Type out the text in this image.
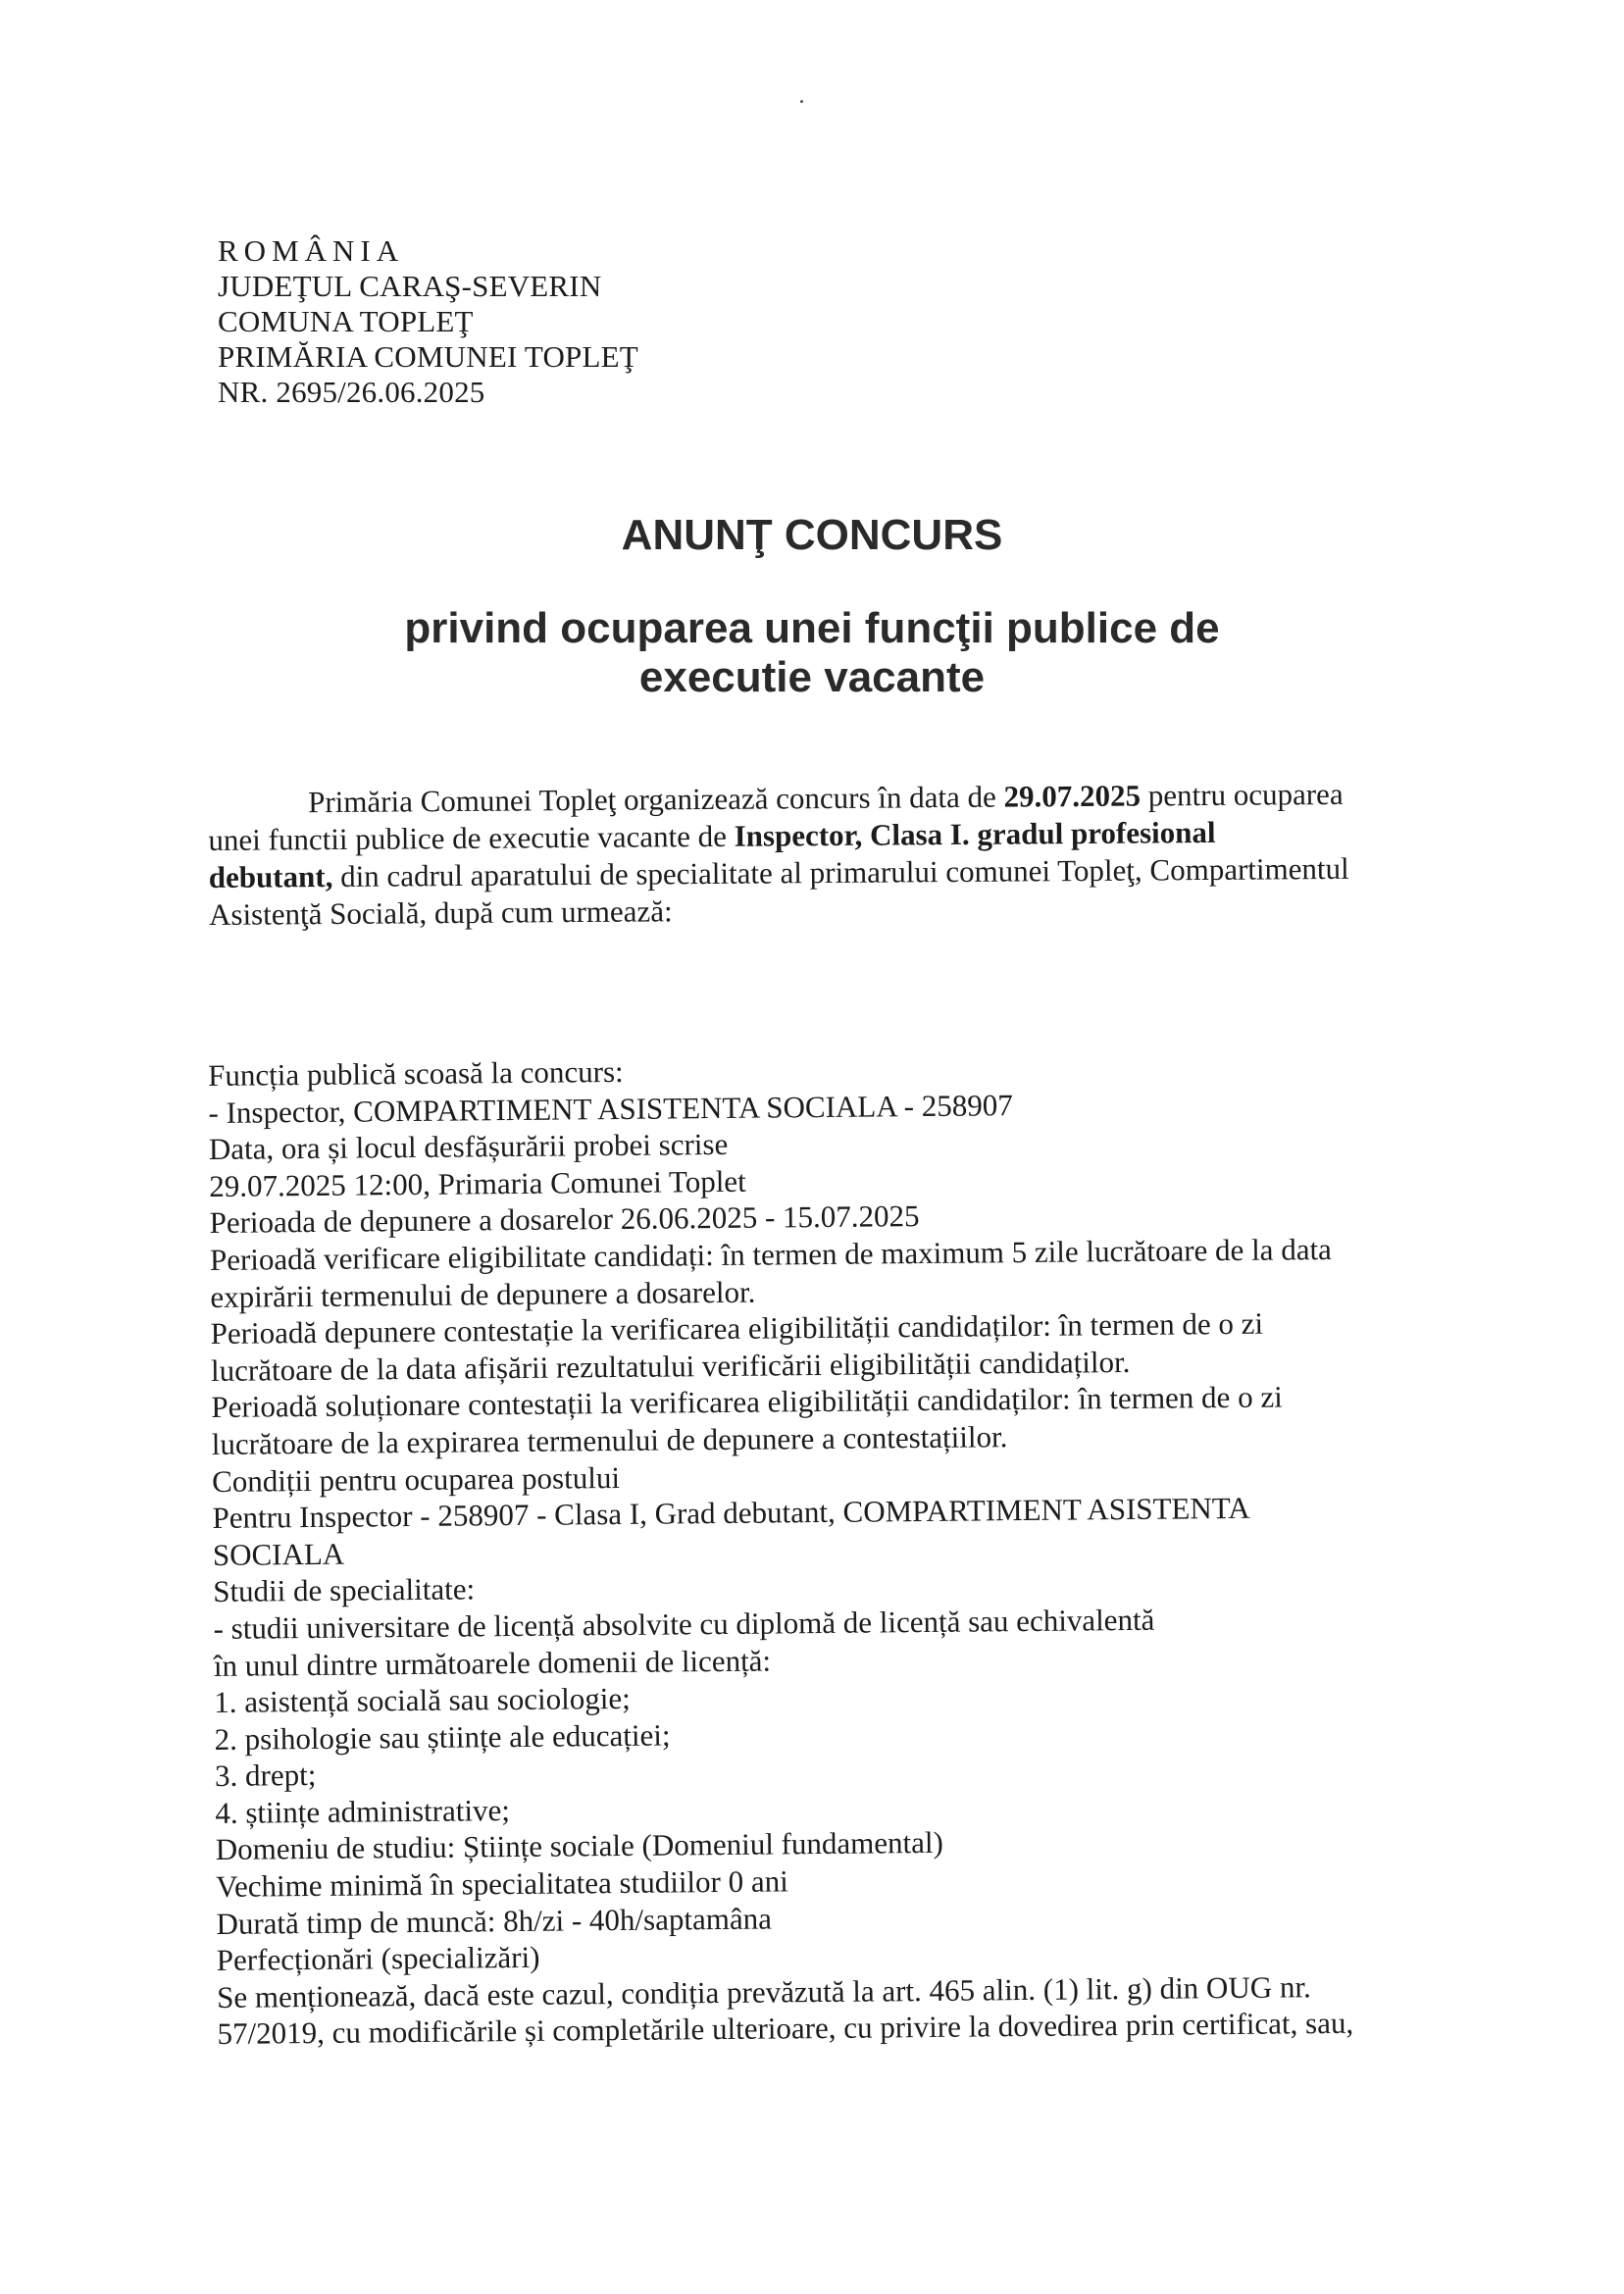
ROMÂNIA
JUDEŢUL CARAŞ-SEVERIN
COMUNA TOPLEŢ
PRIMĂRIA COMUNEI TOPLEŢ
NR. 2695/26.06.2025
ANUNŢ CONCURS
privind ocuparea unei funcţii publice de
executie vacante
Primăria Comunei Topleţ organizează concurs în data de 29.07.2025 pentru ocuparea
unei functii publice de executie vacante de Inspector, Clasa I. gradul profesional
debutant, din cadrul aparatului de specialitate al primarului comunei Topleţ, Compartimentul
Asistenţă Socială, după cum urmează:
Funcția publică scoasă la concurs:
- Inspector, COMPARTIMENT ASISTENTA SOCIALA - 258907
Data, ora și locul desfășurării probei scrise
29.07.2025 12:00, Primaria Comunei Toplet
Perioada de depunere a dosarelor 26.06.2025 - 15.07.2025
Perioadă verificare eligibilitate candidați: în termen de maximum 5 zile lucrătoare de la data
expirării termenului de depunere a dosarelor.
Perioadă depunere contestație la verificarea eligibilității candidaților: în termen de o zi
lucrătoare de la data afișării rezultatului verificării eligibilității candidaților.
Perioadă soluționare contestații la verificarea eligibilității candidaților: în termen de o zi
lucrătoare de la expirarea termenului de depunere a contestațiilor.
Condiții pentru ocuparea postului
Pentru Inspector - 258907 - Clasa I, Grad debutant, COMPARTIMENT ASISTENTA
SOCIALA
Studii de specialitate:
- studii universitare de licență absolvite cu diplomă de licență sau echivalentă
în unul dintre următoarele domenii de licență:
1. asistență socială sau sociologie;
2. psihologie sau științe ale educației;
3. drept;
4. științe administrative;
Domeniu de studiu: Științe sociale (Domeniul fundamental)
Vechime minimă în specialitatea studiilor 0 ani
Durată timp de muncă: 8h/zi - 40h/saptamâna
Perfecționări (specializări)
Se menționează, dacă este cazul, condiția prevăzută la art. 465 alin. (1) lit. g) din OUG nr.
57/2019, cu modificările și completările ulterioare, cu privire la dovedirea prin certificat, sau,
